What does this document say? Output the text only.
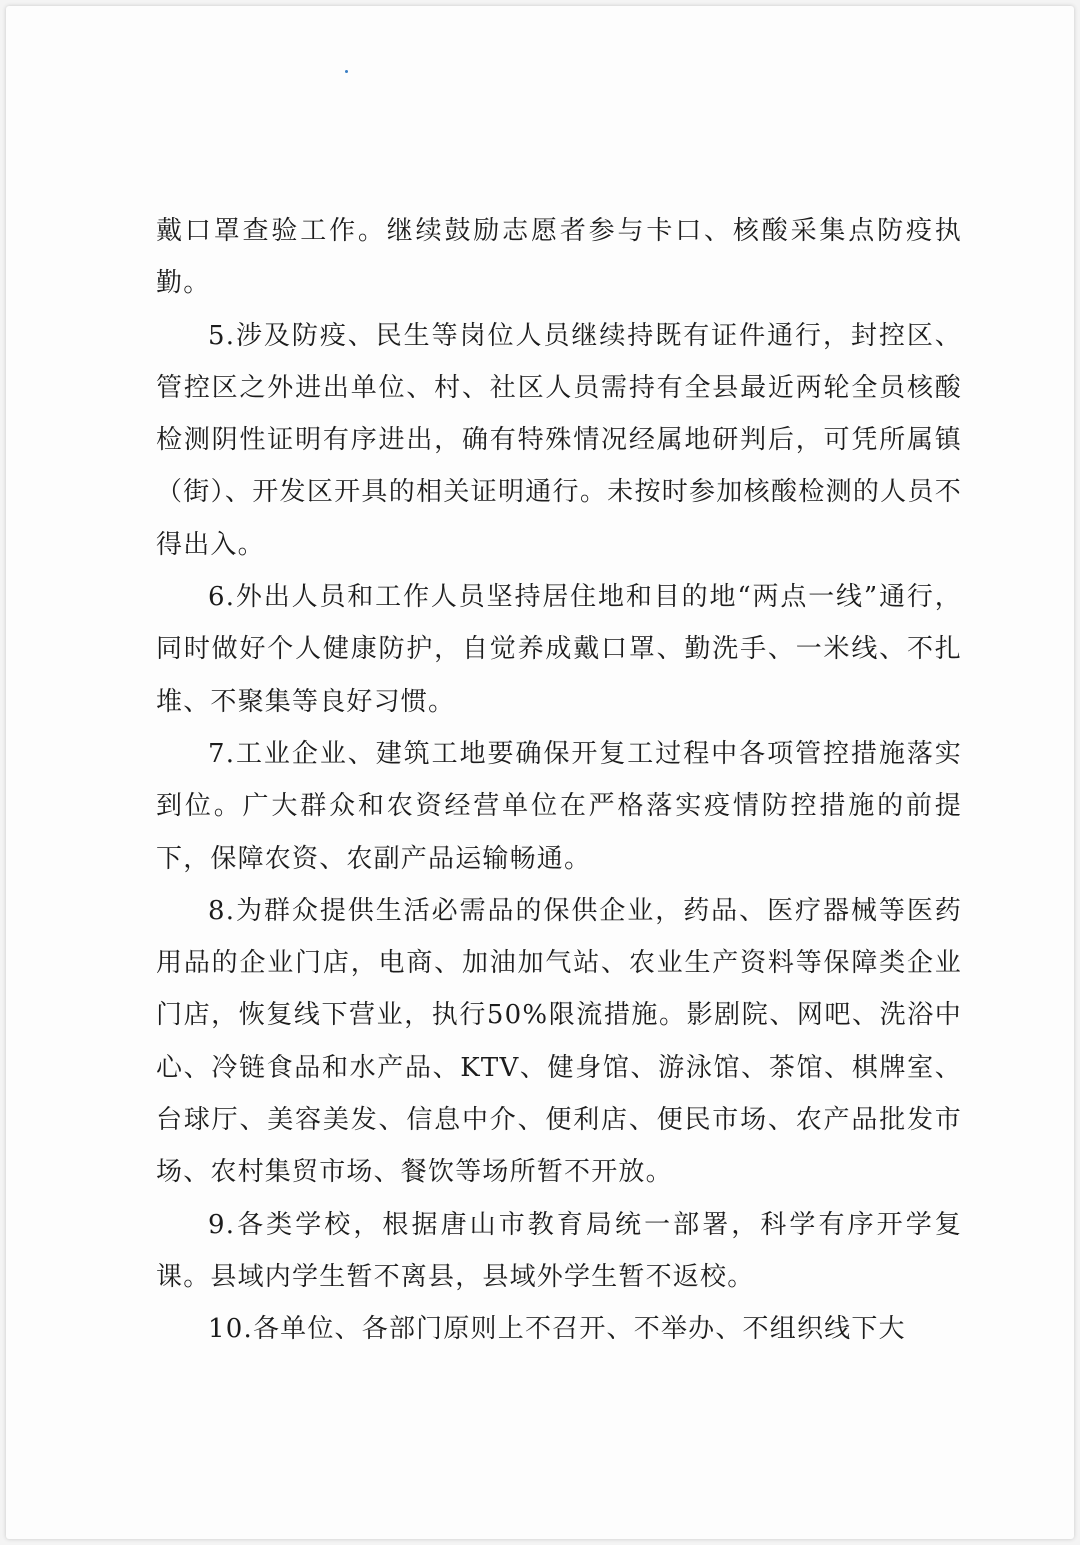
戴口罩查验工作。继续鼓励志愿者参与卡口、核酸采集点防疫执勤。

5.涉及防疫、民生等岗位人员继续持既有证件通行，封控区、管控区之外进出单位、村、社区人员需持有全县最近两轮全员核酸检测阴性证明有序进出，确有特殊情况经属地研判后，可凭所属镇（街）、开发区开具的相关证明通行。未按时参加核酸检测的人员不得出入。

6.外出人员和工作人员坚持居住地和目的地“两点一线”通行，同时做好个人健康防护，自觉养成戴口罩、勤洗手、一米线、不扎堆、不聚集等良好习惯。

7.工业企业、建筑工地要确保开复工过程中各项管控措施落实到位。广大群众和农资经营单位在严格落实疫情防控措施的前提下，保障农资、农副产品运输畅通。

8.为群众提供生活必需品的保供企业，药品、医疗器械等医药用品的企业门店，电商、加油加气站、农业生产资料等保障类企业门店，恢复线下营业，执行50%限流措施。影剧院、网吧、洗浴中心、冷链食品和水产品、KTV、健身馆、游泳馆、茶馆、棋牌室、台球厅、美容美发、信息中介、便利店、便民市场、农产品批发市场、农村集贸市场、餐饮等场所暂不开放。

9.各类学校，根据唐山市教育局统一部署，科学有序开学复课。县域内学生暂不离县，县域外学生暂不返校。

10.各单位、各部门原则上不召开、不举办、不组织线下大
